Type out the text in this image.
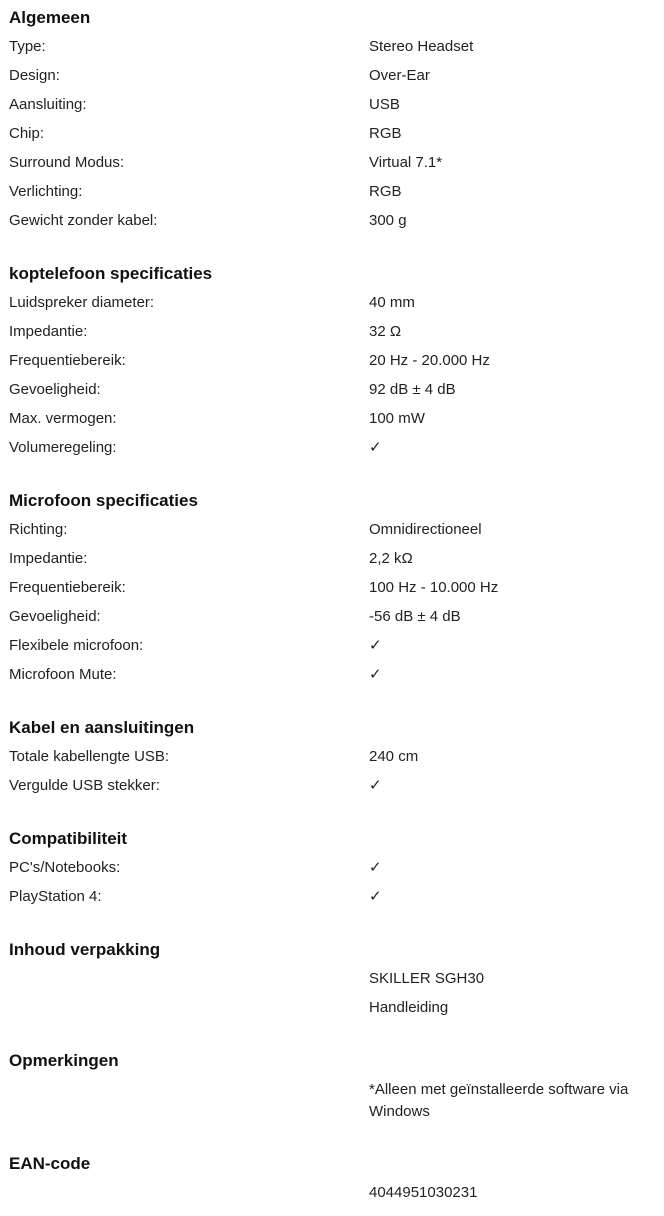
Algemeen
Type:	Stereo Headset
Design:	Over-Ear
Aansluiting:	USB
Chip:	RGB
Surround Modus:	Virtual 7.1*
Verlichting:	RGB
Gewicht zonder kabel:	300 g
koptelefoon specificaties
Luidspreker diameter:	40 mm
Impedantie:	32 Ω
Frequentiebereik:	20 Hz - 20.000 Hz
Gevoeligheid:	92 dB ± 4 dB
Max. vermogen:	100 mW
Volumeregeling:	✓
Microfoon specificaties
Richting:	Omnidirectioneel
Impedantie:	2,2 kΩ
Frequentiebereik:	100 Hz - 10.000 Hz
Gevoeligheid:	-56 dB ± 4 dB
Flexibele microfoon:	✓
Microfoon Mute:	✓
Kabel en aansluitingen
Totale kabellengte USB:	240 cm
Vergulde USB stekker:	✓
Compatibiliteit
PC's/Notebooks:	✓
PlayStation 4:	✓
Inhoud verpakking
SKILLER SGH30
Handleiding
Opmerkingen
*Alleen met geïnstalleerde software via Windows
EAN-code
4044951030231
